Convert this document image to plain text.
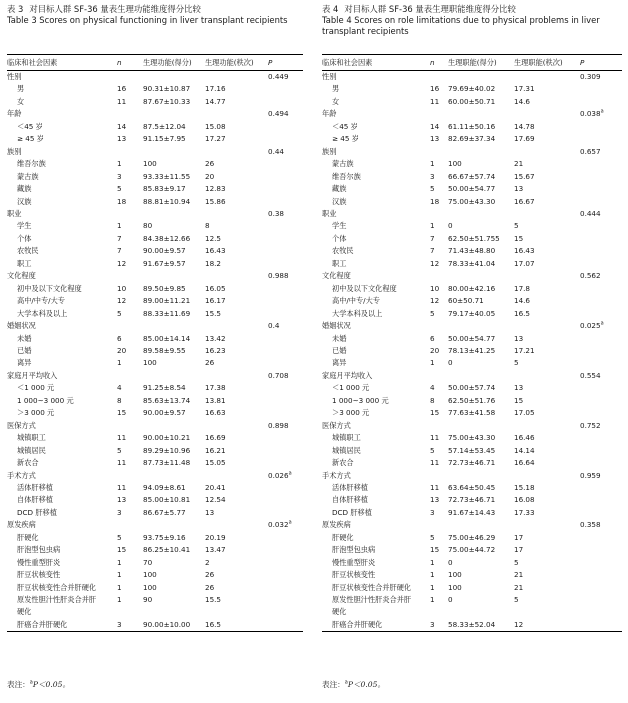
表 3 对目标人群 SF-36 量表生理功能维度得分比较

Table 3 Scores on physical functioning in liver transplant recipients

临床和社会因素	n	生理功能(得分)	生理功能(秩次)	P
性别				0.449
男	16	90.31±10.87	17.16	
女	11	87.67±10.33	14.77	
年龄				0.494
＜45 岁	14	87.5±12.04	15.08	
≥ 45 岁	13	91.15±7.95	17.27	
族别				0.44
维吾尔族	1	100	26	
蒙古族	3	93.33±11.55	20	
藏族	5	85.83±9.17	12.83	
汉族	18	88.81±10.94	15.86	
职业				0.38
学生	1	80	8	
个体	7	84.38±12.66	12.5	
农牧民	7	90.00±9.57	16.43	
职工	12	91.67±9.57	18.2	
文化程度				0.988
初中及以下文化程度	10	89.50±9.85	16.05	
高中/中专/大专	12	89.00±11.21	16.17	
大学本科及以上	5	88.33±11.69	15.5	
婚姻状况				0.4
未婚	6	85.00±14.14	13.42	
已婚	20	89.58±9.55	16.23	
离异	1	100	26	
家庭月平均收入				0.708
＜1 000 元	4	91.25±8.54	17.38	
1 000~3 000 元	8	85.63±13.74	13.81	
＞3 000 元	15	90.00±9.57	16.63	
医保方式				0.898
城镇职工	11	90.00±10.21	16.69	
城镇居民	5	89.29±10.96	16.21	
新农合	11	87.73±11.48	15.05	
手术方式				0.026$^a$
活体肝移植	11	94.09±8.61	20.41	
自体肝移植	13	85.00±10.81	12.54	
DCD 肝移植	3	86.67±5.77	13	
原发疾病				0.032$^a$
肝硬化	5	93.75±9.16	20.19	
肝泡型包虫病	15	86.25±10.41	13.47	
慢性重型肝炎	1	70	2	
肝豆状核变性	1	100	26	
肝豆状核变性合并肝硬化	1	100	26	
原发性胆汁性肝炎合并肝	1	90	15.5	
硬化				
肝癌合并肝硬化	3	90.00±10.00	16.5	
表注：$^a$P＜0.05。

表 4 对目标人群 SF-36 量表生理职能维度得分比较

Table 4 Scores on role limitations due to physical problems in liver transplant recipients

临床和社会因素	n	生理职能(得分)	生理职能(秩次)	P
性别				0.309
男	16	79.69±40.02	17.31	
女	11	60.00±50.71	14.6	
年龄				0.038$^a$
＜45 岁	14	61.11±50.16	14.78	
≥ 45 岁	13	82.69±37.34	17.69	
族别				0.657
蒙古族	1	100	21	
维吾尔族	3	66.67±57.74	15.67	
藏族	5	50.00±54.77	13	
汉族	18	75.00±43.30	16.67	
职业				0.444
学生	1	0	5	
个体	7	62.50±51.755	15	
农牧民	7	71.43±48.80	16.43	
职工	12	78.33±41.04	17.07	
文化程度				0.562
初中及以下文化程度	10	80.00±42.16	17.8	
高中/中专/大专	12	60±50.71	14.6	
大学本科及以上	5	79.17±40.05	16.5	
婚姻状况				0.025$^a$
未婚	6	50.00±54.77	13	
已婚	20	78.13±41.25	17.21	
离异	1	0	5	
家庭月平均收入				0.554
＜1 000 元	4	50.00±57.74	13	
1 000~3 000 元	8	62.50±51.76	15	
＞3 000 元	15	77.63±41.58	17.05	
医保方式				0.752
城镇职工	11	75.00±43.30	16.46	
城镇居民	5	57.14±53.45	14.14	
新农合	11	72.73±46.71	16.64	
手术方式				0.959
活体肝移植	11	63.64±50.45	15.18	
自体肝移植	13	72.73±46.71	16.08	
DCD 肝移植	3	91.67±14.43	17.33	
原发疾病				0.358
肝硬化	5	75.00±46.29	17	
肝泡型包虫病	15	75.00±44.72	17	
慢性重型肝炎	1	0	5	
肝豆状核变性	1	100	21	
肝豆状核变性合并肝硬化	1	100	21	
原发性胆汁性肝炎合并肝	1	0	5	
硬化				
肝癌合并肝硬化	3	58.33±52.04	12	
表注：$^a$P＜0.05。
